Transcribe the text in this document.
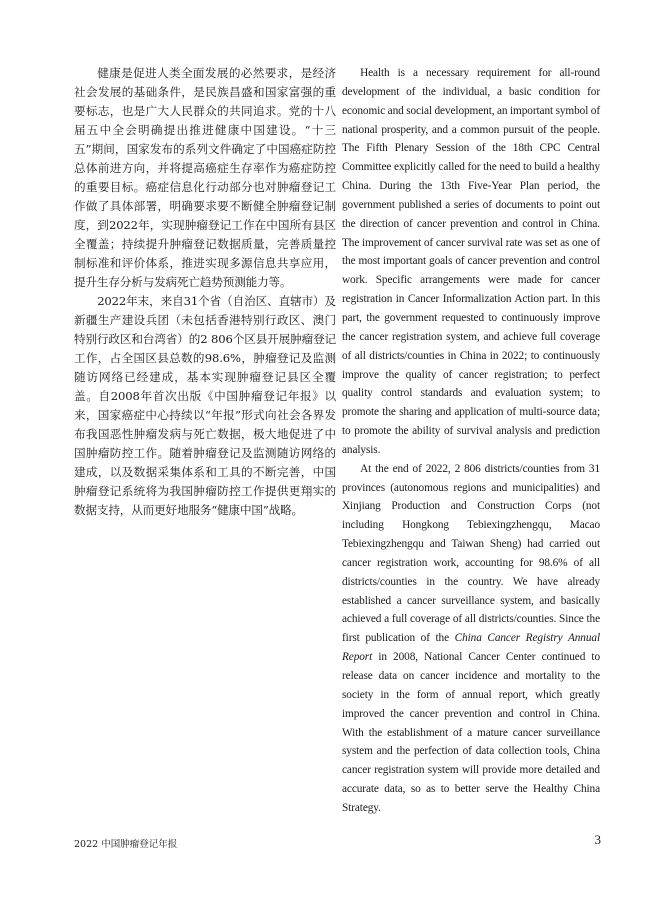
健康是促进人类全面发展的必然要求，是经济社会发展的基础条件，是民族昌盛和国家富强的重要标志，也是广大人民群众的共同追求。党的十八届五中全会明确提出推进健康中国建设。“十三五”期间，国家发布的系列文件确定了中国癌症防控总体前进方向，并将提高癌症生存率作为癌症防控的重要目标。癌症信息化行动部分也对肿瘤登记工作做了具体部署，明确要求要不断健全肿瘤登记制度，到2022年，实现肿瘤登记工作在中国所有县区全覆盖；持续提升肿瘤登记数据质量，完善质量控制标准和评价体系，推进实现多源信息共享应用，提升生存分析与发病死亡趋势预测能力等。

2022年末，来自31个省（自治区、直辖市）及新疆生产建设兵团（未包括香港特别行政区、澳门特别行政区和台湾省）的2 806个区县开展肿瘤登记工作，占全国区县总数的98.6%，肿瘤登记及监测随访网络已经建成，基本实现肿瘤登记县区全覆盖。自2008年首次出版《中国肿瘤登记年报》以来，国家癌症中心持续以“年报”形式向社会各界发布我国恶性肿瘤发病与死亡数据，极大地促进了中国肿瘤防控工作。随着肿瘤登记及监测随访网络的建成，以及数据采集体系和工具的不断完善，中国肿瘤登记系统将为我国肿瘤防控工作提供更翔实的数据支持，从而更好地服务“健康中国”战略。

Health is a necessary requirement for all-round development of the individual, a basic condition for economic and social development, an important symbol of national prosperity, and a common pursuit of the people. The Fifth Plenary Session of the 18th CPC Central Committee explicitly called for the need to build a healthy China. During the 13th Five-Year Plan period, the government published a series of documents to point out the direction of cancer prevention and control in China. The improvement of cancer survival rate was set as one of the most important goals of cancer prevention and control work. Specific arrangements were made for cancer registration in Cancer Informalization Action part. In this part, the government requested to continuously improve the cancer registration system, and achieve full coverage of all districts/counties in China in 2022; to continuously improve the quality of cancer registration; to perfect quality control standards and evaluation system; to promote the sharing and application of multi-source data; to promote the ability of survival analysis and prediction analysis.

At the end of 2022, 2 806 districts/counties from 31 provinces (autonomous regions and municipalities) and Xinjiang Production and Construction Corps (not including Hongkong Tebiexingzhengqu, Macao Tebiexingzhengqu and Taiwan Sheng) had carried out cancer registration work, accounting for 98.6% of all districts/counties in the country. We have already established a cancer surveillance system, and basically achieved a full coverage of all districts/counties. Since the first publication of the China Cancer Registry Annual Report in 2008, National Cancer Center continued to release data on cancer incidence and mortality to the society in the form of annual report, which greatly improved the cancer prevention and control in China. With the establishment of a mature cancer surveillance system and the perfection of data collection tools, China cancer registration system will provide more detailed and accurate data, so as to better serve the Healthy China Strategy.

2022 中国肿瘤登记年报	3
